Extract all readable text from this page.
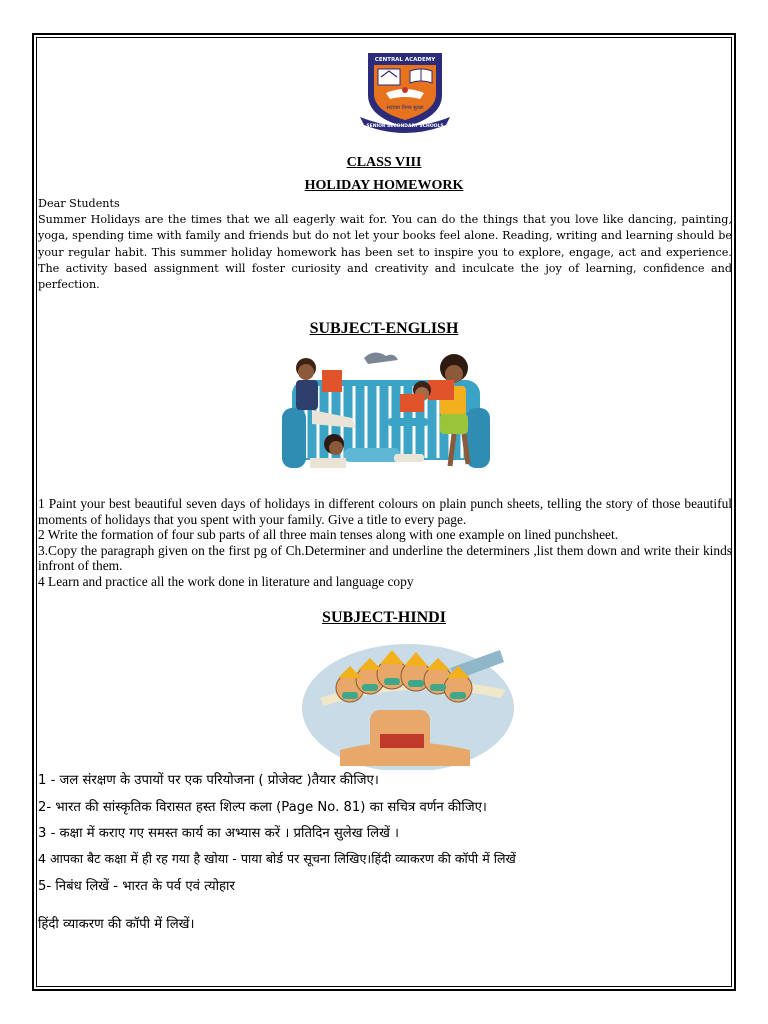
CENTRAL ACADEMY
सदाचार विनय सुरक्षा
SENIOR SECONDARY SCHOOLS
CLASS VIII
HOLIDAY HOMEWORK

Dear Students

Summer Holidays are the times that we all eagerly wait for. You can do the things that you love like dancing, painting, yoga, spending time with family and friends but do not let your books feel alone. Reading, writing and learning should be your regular habit. This summer holiday homework has been set to inspire you to explore, engage, act and experience. The activity based assignment will foster curiosity and creativity and inculcate the joy of learning, confidence and perfection.

SUBJECT-ENGLISH

1 Paint your best beautiful seven days of holidays in different colours on plain punch sheets, telling the story of those beautiful moments of holidays that you spent with your family. Give a title to every page.

2 Write the formation of four sub parts of all three main tenses along with one example on lined punchsheet.

3.Copy the paragraph given on the first pg of Ch.Determiner and underline the determiners ,list them down and write their kinds infront of them.

4 Learn and practice all the work done in literature and language copy

SUBJECT-HINDI

1 - जल संरक्षण के उपायों पर एक परियोजना ( प्रोजेक्ट )तैयार कीजिए।

2- भारत की सांस्कृतिक विरासत हस्त शिल्प कला (Page No. 81) का सचित्र वर्णन कीजिए।

3 - कक्षा में कराए गए समस्त कार्य का अभ्यास करें । प्रतिदिन सुलेख लिखें ।

4 आपका बैट कक्षा में ही रह गया है खोया - पाया बोर्ड पर सूचना लिखिए।हिंदी व्याकरण की कॉपी में लिखें

5- निबंध लिखें - भारत के पर्व एवं त्योहार

हिंदी व्याकरण की कॉपी में लिखें।
